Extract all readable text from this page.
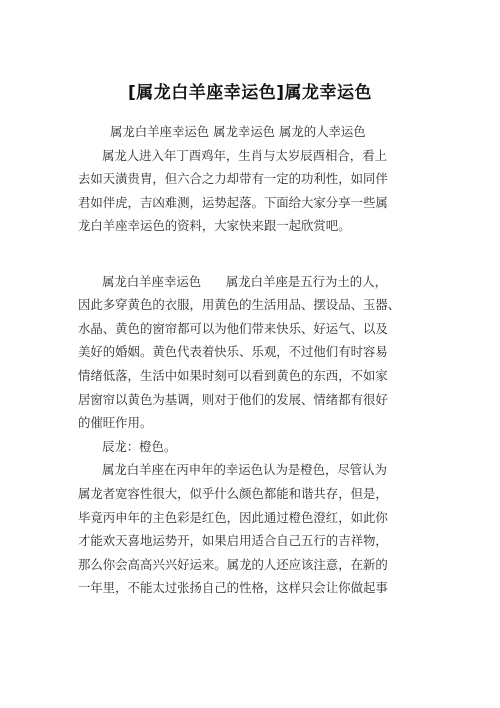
[属龙白羊座幸运色]属龙幸运色
属龙白羊座幸运色 属龙幸运色 属龙的人幸运色
属龙人进入年丁酉鸡年，生肖与太岁辰酉相合，看上
去如天潢贵胄，但六合之力却带有一定的功利性，如同伴
君如伴虎，吉凶难测，运势起落。下面给大家分享一些属
龙白羊座幸运色的资料，大家快来跟一起欣赏吧。
属龙白羊座幸运色　　属龙白羊座是五行为土的人，
因此多穿黄色的衣服，用黄色的生活用品、摆设品、玉器、
水晶、黄色的窗帘都可以为他们带来快乐、好运气、以及
美好的婚姻。黄色代表着快乐、乐观，不过他们有时容易
情绪低落，生活中如果时刻可以看到黄色的东西，不如家
居窗帘以黄色为基调，则对于他们的发展、情绪都有很好
的催旺作用。
辰龙：橙色。
属龙白羊座在丙申年的幸运色认为是橙色，尽管认为
属龙者宽容性很大，似乎什么颜色都能和谐共存，但是，
毕竟丙申年的主色彩是红色，因此通过橙色澄红，如此你
才能欢天喜地运势开，如果启用适合自己五行的吉祥物，
那么你会高高兴兴好运来。属龙的人还应该注意，在新的
一年里，不能太过张扬自己的性格，这样只会让你做起事
